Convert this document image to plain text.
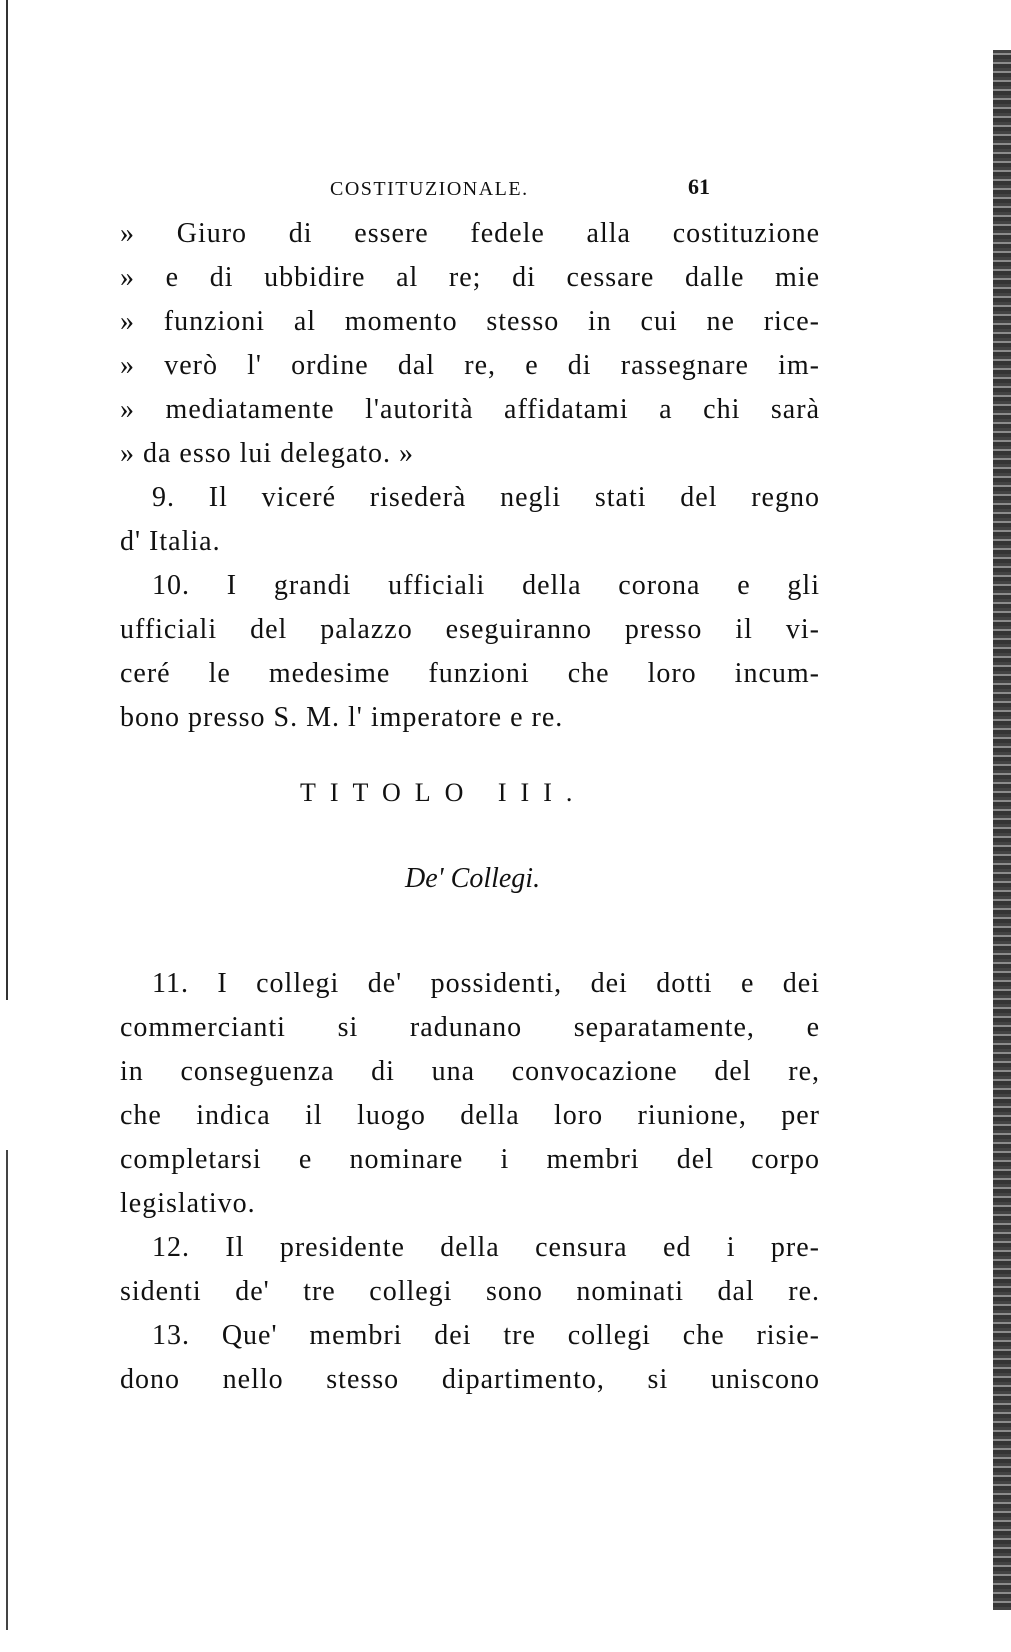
COSTITUZIONALE.	61
» Giuro di essere fedele alla costituzione
» e di ubbidire al re; di cessare dalle mie
» funzioni al momento stesso in cui ne rice-
» verò l' ordine dal re, e di rassegnare im-
» mediatamente l'autorità affidatami a chi sarà
» da esso lui delegato. »
9. Il viceré risederà negli stati del regno
d' Italia.
10. I grandi ufficiali della corona e gli
ufficiali del palazzo eseguiranno presso il vi-
ceré le medesime funzioni che loro incum-
bono presso S. M. l' imperatore e re.
TITOLO III.
De' Collegi.
11. I collegi de' possidenti, dei dotti e dei
commercianti si radunano separatamente, e
in conseguenza di una convocazione del re,
che indica il luogo della loro riunione, per
completarsi e nominare i membri del corpo
legislativo.
12. Il presidente della censura ed i pre-
sidenti de' tre collegi sono nominati dal re.
13. Que' membri dei tre collegi che risie-
dono nello stesso dipartimento, si uniscono
